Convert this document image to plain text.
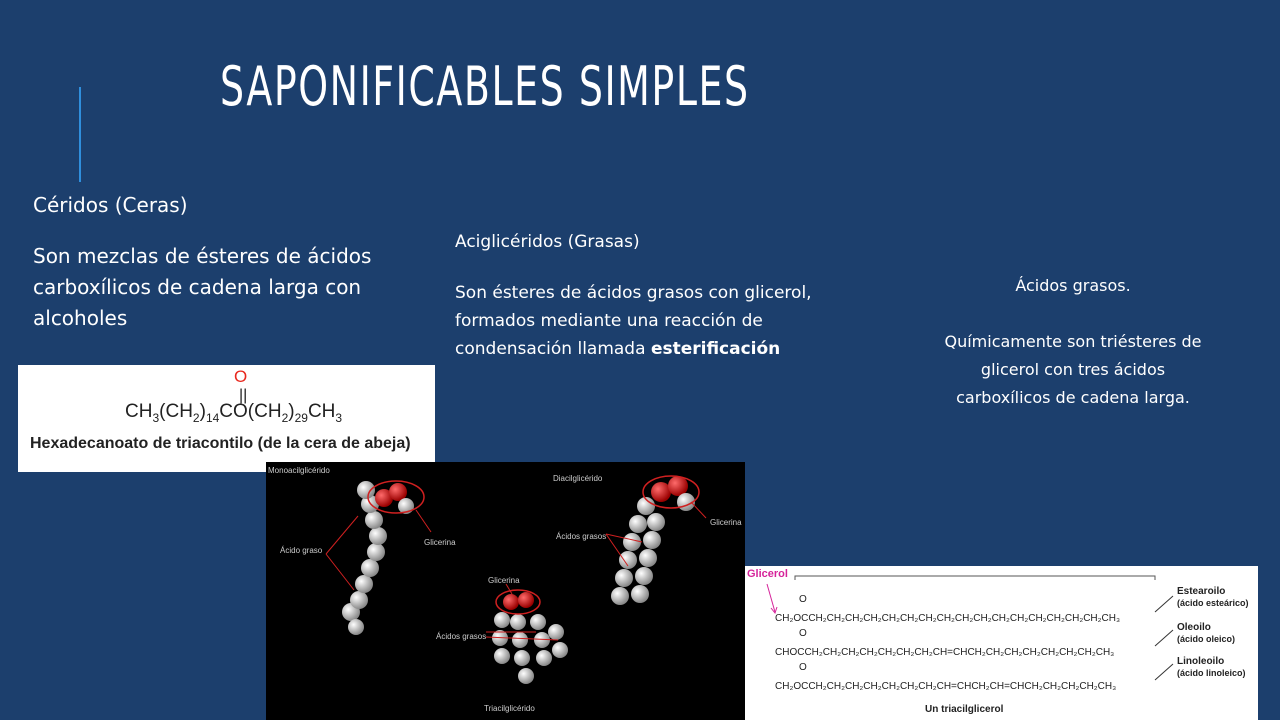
SAPONIFICABLES SIMPLES
Céridos (Ceras)
Son mezclas de ésteres de ácidos carboxílicos de cadena larga con alcoholes
Aciglicéridos (Grasas)
Son ésteres de ácidos grasos con glicerol, formados mediante una reacción de condensación llamada esterificación

Ácidos grasos.

Químicamente son triésteres de glicerol con tres ácidos carboxílicos de cadena larga.

O
||
$CH_3(CH_2)_{14}CO(CH_2)_{29}CH_3$
Hexadecanoato de triacontilo (de la cera de abeja)
Monoacilglicérido
Diacilglicérido
Triacilglicérido
Ácido graso
Glicerina
Glicerina
Glicerina
Ácidos grasos
Ácidos grasos
Glicerol
O
CH₂OCCH₂CH₂CH₂CH₂CH₂CH₂CH₂CH₂CH₂CH₂CH₂CH₂CH₂CH₂CH₂CH₂CH₃
O
CHOCCH₂CH₂CH₂CH₂CH₂CH₂CH₂CH=CHCH₂CH₂CH₂CH₂CH₂CH₂CH₂CH₃
O
CH₂OCCH₂CH₂CH₂CH₂CH₂CH₂CH₂CH=CHCH₂CH=CHCH₂CH₂CH₂CH₂CH₃
Estearoilo
(ácido esteárico)
Oleoilo
(ácido oleico)
Linoleoilo
(ácido linoleico)
Un triacilglicerol
